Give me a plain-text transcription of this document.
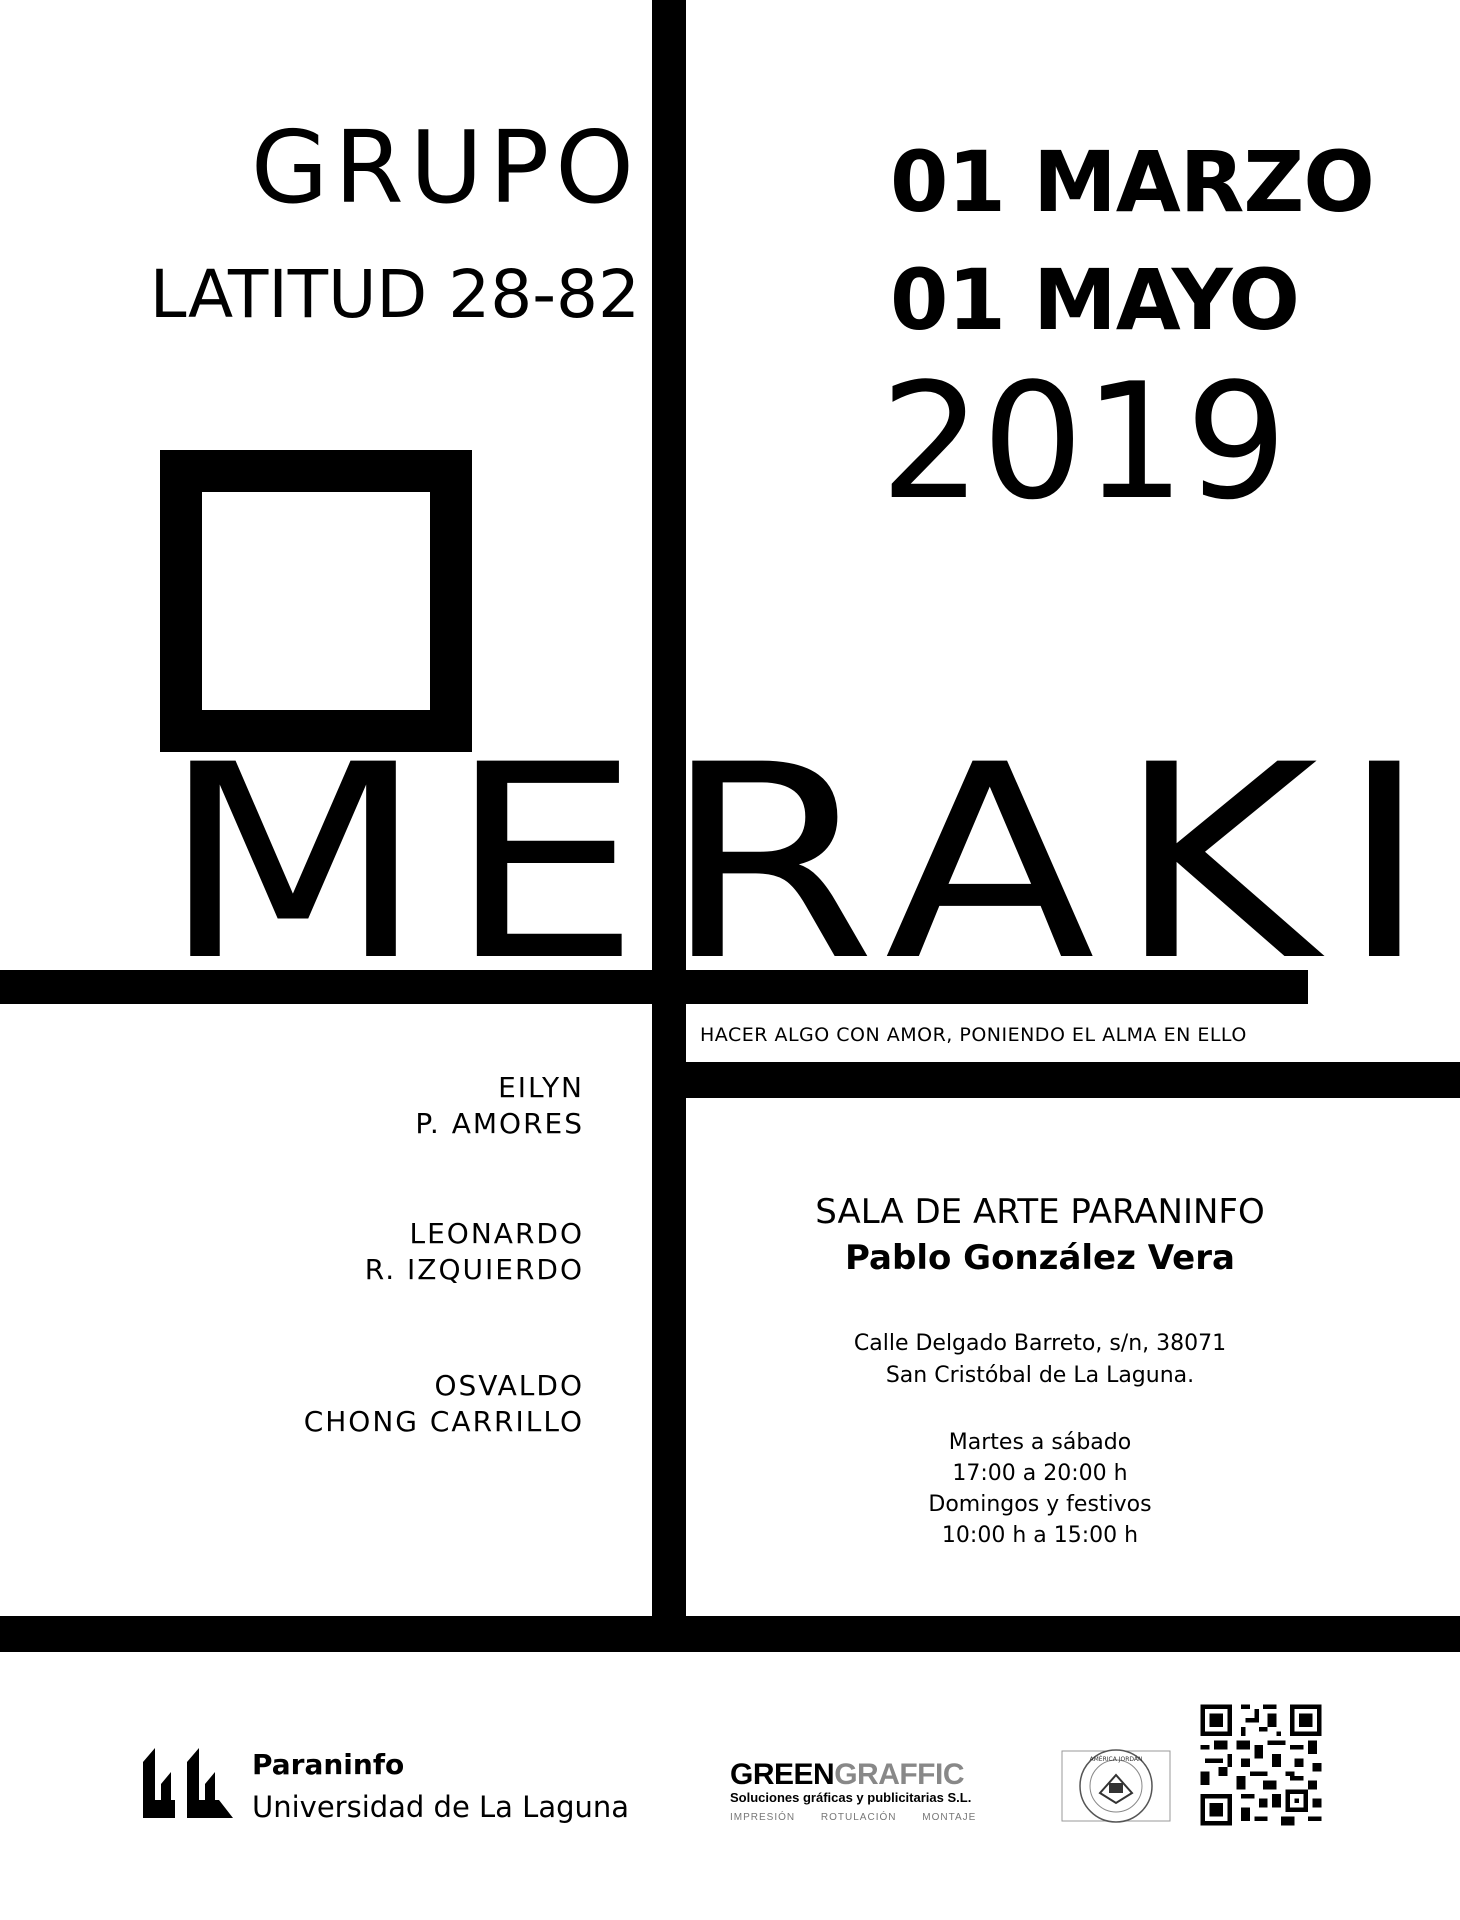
GRUPO
LATITUD 28-82
01 MARZO
01 MAYO
2019
MERAKI
HACER ALGO CON AMOR, PONIENDO EL ALMA EN ELLO
EILYN
P. AMORES
LEONARDO
R. IZQUIERDO
OSVALDO
CHONG CARRILLO
SALA DE ARTE PARANINFO
Pablo González Vera
Calle Delgado Barreto, s/n, 38071
San Cristóbal de La Laguna.
Martes a sábado
17:00 a 20:00 h
Domingos y festivos
10:00 h a 15:00 h
Paraninfo
Universidad de La Laguna
GREENGRAFFIC
Soluciones gráficas y publicitarias S.L.
IMPRESIÓN	ROTULACIÓN	MONTAJE
AMÉRICA JORDÁN
